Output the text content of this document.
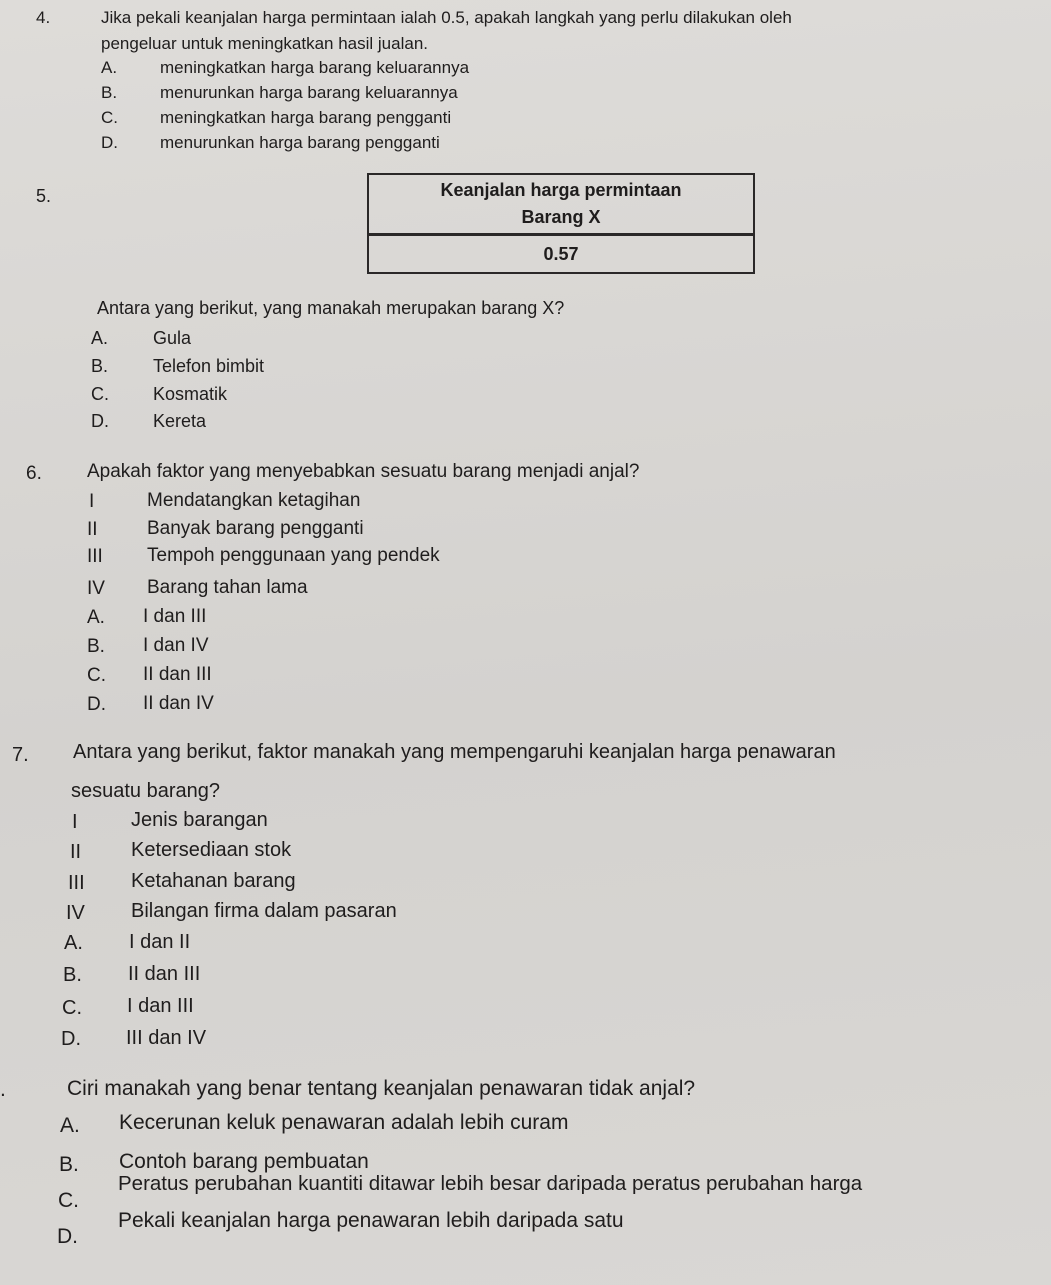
4.	Jika pekali keanjalan harga permintaan ialah 0.5, apakah langkah yang perlu dilakukan oleh
pengeluar untuk meningkatkan hasil jualan.
A.	meningkatkan harga barang keluarannya
B.	menurunkan harga barang keluarannya
C. meningkatkan harga barang pengganti
D. menurunkan harga barang pengganti
5.	Keanjalan harga permintaan
Barang X

0.57
Antara yang berikut, yang manakah merupakan barang X?
A. Gula
B. Telefon bimbit
C. Kosmatik
D. Kereta
6. Apakah faktor yang menyebabkan sesuatu barang menjadi anjal?
I	Mendatangkan ketagihan
II	Banyak barang pengganti
III Tempoh penggunaan yang pendek
IV Barang tahan lama
A. I dan III
B. I dan IV
C. II dan III
D. II dan IV
7. Antara yang berikut, faktor manakah yang mempengaruhi keanjalan harga penawaran
sesuatu barang?
I	Jenis barangan
II Ketersediaan stok
III Ketahanan barang
IV Bilangan firma dalam pasaran
A. I dan II
B. II dan III
C. I dan III
D. III dan IV
.	Ciri manakah yang benar tentang keanjalan penawaran tidak anjal?
A. Kecerunan keluk penawaran adalah lebih curam
B. Contoh barang pembuatan
C.
Peratus perubahan kuantiti ditawar lebih besar daripada peratus perubahan harga
D.
Pekali keanjalan harga penawaran lebih daripada satu
